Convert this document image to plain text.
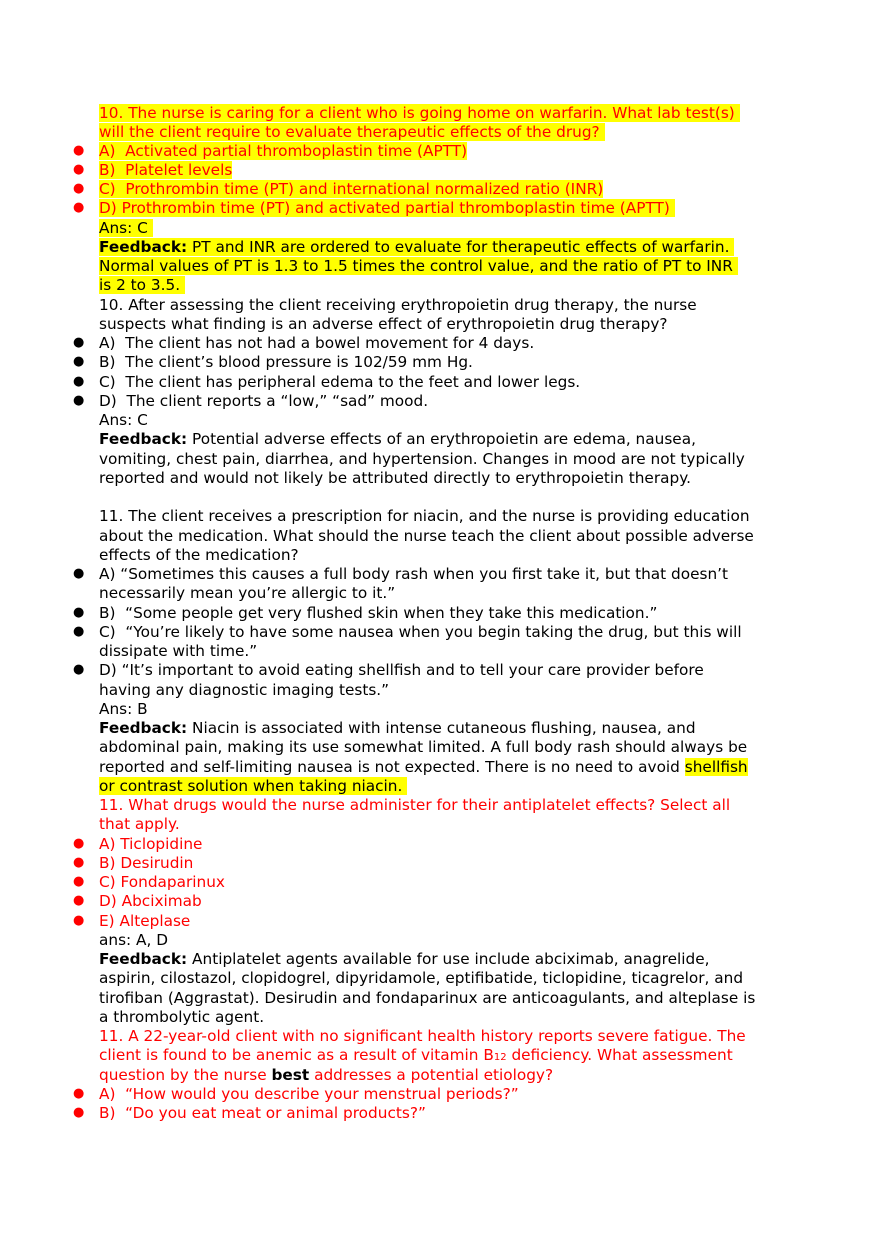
10. The nurse is caring for a client who is going home on warfarin. What lab test(s)
will the client require to evaluate therapeutic effects of the drug?
● A)  Activated partial thromboplastin time (APTT)
● B)  Platelet levels
● C)  Prothrombin time (PT) and international normalized ratio (INR)
● D) Prothrombin time (PT) and activated partial thromboplastin time (APTT)
Ans: C
Feedback: PT and INR are ordered to evaluate for therapeutic effects of warfarin.
Normal values of PT is 1.3 to 1.5 times the control value, and the ratio of PT to INR
is 2 to 3.5.
10. After assessing the client receiving erythropoietin drug therapy, the nurse
suspects what finding is an adverse effect of erythropoietin drug therapy?
● A)  The client has not had a bowel movement for 4 days.
● B)  The client’s blood pressure is 102/59 mm Hg.
● C)  The client has peripheral edema to the feet and lower legs.
● D)  The client reports a “low,” “sad” mood.
Ans: C
Feedback: Potential adverse effects of an erythropoietin are edema, nausea,
vomiting, chest pain, diarrhea, and hypertension. Changes in mood are not typically
reported and would not likely be attributed directly to erythropoietin therapy.
11. The client receives a prescription for niacin, and the nurse is providing education
about the medication. What should the nurse teach the client about possible adverse
effects of the medication?
● A) “Sometimes this causes a full body rash when you first take it, but that doesn’t
necessarily mean you’re allergic to it.”
● B)  “Some people get very flushed skin when they take this medication.”
● C)  “You’re likely to have some nausea when you begin taking the drug, but this will
dissipate with time.”
● D) “It’s important to avoid eating shellfish and to tell your care provider before
having any diagnostic imaging tests.”
Ans: B
Feedback: Niacin is associated with intense cutaneous flushing, nausea, and
abdominal pain, making its use somewhat limited. A full body rash should always be
reported and self-limiting nausea is not expected. There is no need to avoid shellfish
or contrast solution when taking niacin.
11. What drugs would the nurse administer for their antiplatelet effects? Select all
that apply.
● A) Ticlopidine
● B) Desirudin
● C) Fondaparinux
● D) Abciximab
● E) Alteplase
ans: A, D
Feedback: Antiplatelet agents available for use include abciximab, anagrelide,
aspirin, cilostazol, clopidogrel, dipyridamole, eptifibatide, ticlopidine, ticagrelor, and
tirofiban (Aggrastat). Desirudin and fondaparinux are anticoagulants, and alteplase is
a thrombolytic agent.
11. A 22-year-old client with no significant health history reports severe fatigue. The
client is found to be anemic as a result of vitamin B12 deficiency. What assessment
question by the nurse best addresses a potential etiology?
● A)  “How would you describe your menstrual periods?”
● B)  “Do you eat meat or animal products?”
